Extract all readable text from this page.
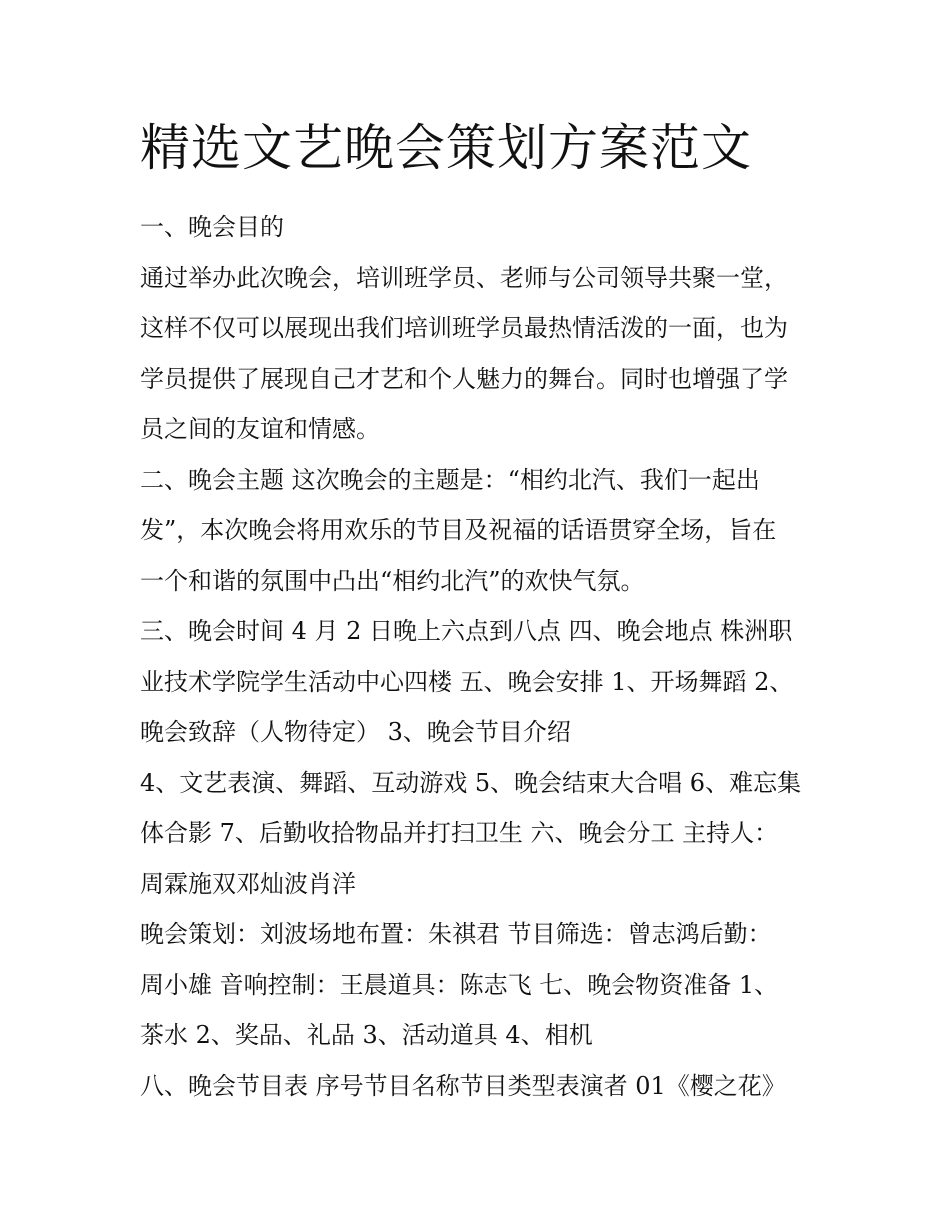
精选文艺晚会策划方案范文

一、晚会目的

通过举办此次晚会，培训班学员、老师与公司领导共聚一堂，

这样不仅可以展现出我们培训班学员最热情活泼的一面，也为

学员提供了展现自己才艺和个人魅力的舞台。同时也增强了学

员之间的友谊和情感。

二、晚会主题 这次晚会的主题是：“相约北汽、我们一起出

发”，本次晚会将用欢乐的节目及祝福的话语贯穿全场，旨在

一个和谐的氛围中凸出“相约北汽”的欢快气氛。

三、晚会时间 4 月 2 日晚上六点到八点 四、晚会地点 株洲职

业技术学院学生活动中心四楼 五、晚会安排 1、开场舞蹈 2、

晚会致辞（人物待定） 3、晚会节目介绍

4、文艺表演、舞蹈、互动游戏 5、晚会结束大合唱 6、难忘集

体合影 7、后勤收拾物品并打扫卫生 六、晚会分工 主持人：

周霖施双邓灿波肖洋

晚会策划：刘波场地布置：朱祺君 节目筛选：曾志鸿后勤：

周小雄 音响控制：王晨道具：陈志飞 七、晚会物资准备 1、

茶水 2、奖品、礼品 3、活动道具 4、相机

八、晚会节目表 序号节目名称节目类型表演者 01《樱之花》
